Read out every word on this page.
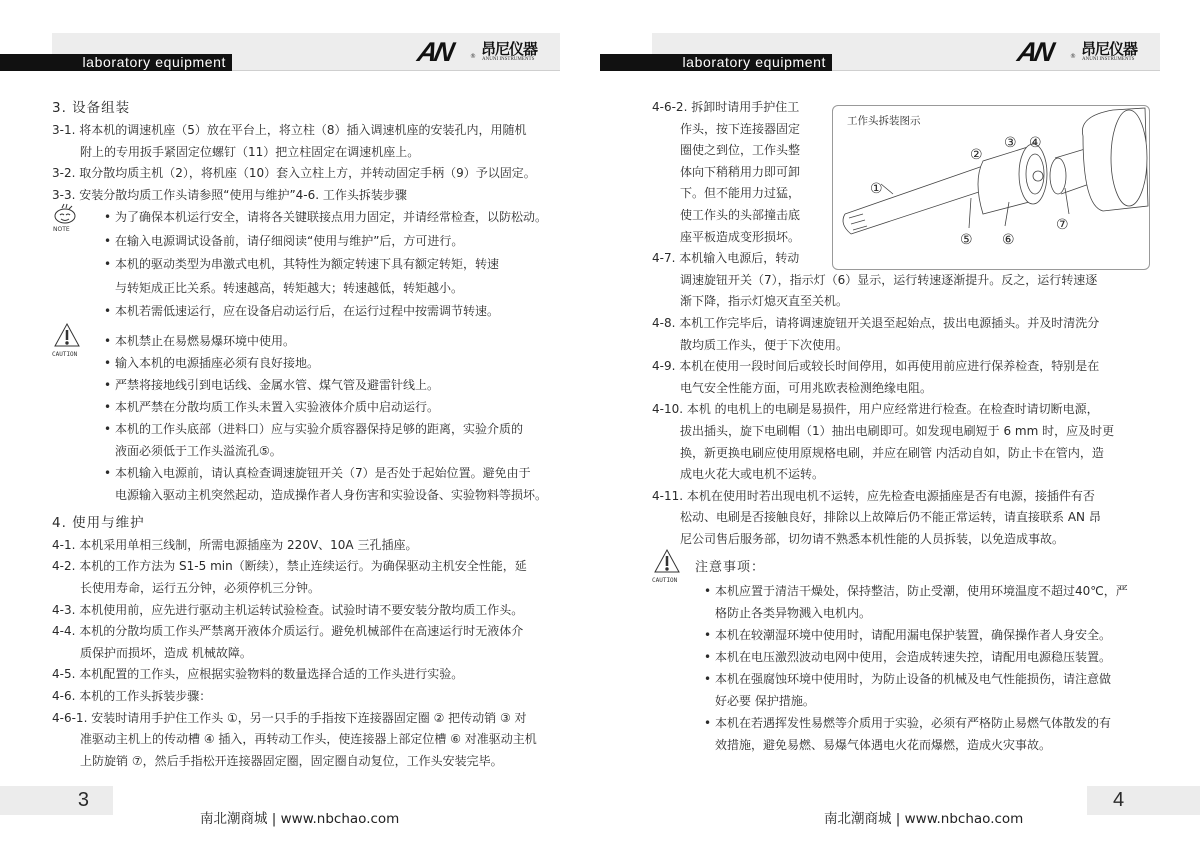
laboratory equipment	AN	® 昂尼仪器
ANUNI INSTRUMENTS
3. 设备组装
3-1. 将本机的调速机座（5）放在平台上，将立柱（8）插入调速机座的安装孔内，用随机
附上的专用扳手紧固定位螺钉（11）把立柱固定在调速机座上。
3-2. 取分散均质主机（2），将机座（10）套入立柱上方，并转动固定手柄（9）予以固定。
3-3. 安装分散均质工作头请参照“使用与维护”4-6. 工作头拆装步骤
NOTE
• 为了确保本机运行安全，请将各关键联接点用力固定，并请经常检查，以防松动。
• 在输入电源调试设备前，请仔细阅读“使用与维护”后，方可进行。
• 本机的驱动类型为串激式电机，其特性为额定转速下具有额定转矩，转速
与转矩成正比关系。转速越高，转矩越大；转速越低，转矩越小。
• 本机若需低速运行，应在设备启动运行后，在运行过程中按需调节转速。
CAUTION
• 本机禁止在易燃易爆环境中使用。
• 输入本机的电源插座必须有良好接地。
• 严禁将接地线引到电话线、金属水管、煤气管及避雷针线上。
• 本机严禁在分散均质工作头未置入实验液体介质中启动运行。
• 本机的工作头底部（进料口）应与实验介质容器保持足够的距离，实验介质的
液面必须低于工作头溢流孔⑤。
• 本机输入电源前，请认真检查调速旋钮开关（7）是否处于起始位置。避免由于
电源输入驱动主机突然起动，造成操作者人身伤害和实验设备、实验物料等损坏。
4. 使用与维护
4-1. 本机采用单相三线制，所需电源插座为 220V、10A 三孔插座。
4-2. 本机的工作方法为 S1-5 min（断续），禁止连续运行。为确保驱动主机安全性能，延
长使用寿命，运行五分钟，必须停机三分钟。
4-3. 本机使用前，应先进行驱动主机运转试验检查。试验时请不要安装分散均质工作头。
4-4. 本机的分散均质工作头严禁离开液体介质运行。避免机械部件在高速运行时无液体介
质保护而损坏，造成 机械故障。
4-5. 本机配置的工作头，应根据实验物料的数量选择合适的工作头进行实验。
4-6. 本机的工作头拆装步骤：
4-6-1. 安装时请用手护住工作头 ①，另一只手的手指按下连接器固定圈 ② 把传动销 ③ 对
准驱动主机上的传动槽 ④ 插入，再转动工作头，使连接器上部定位槽 ⑥ 对准驱动主机
上防旋销 ⑦，然后手指松开连接器固定圈，固定圈自动复位，工作头安装完毕。
3
南北潮商城 | www.nbchao.com
laboratory equipment	AN	® 昂尼仪器
ANUNI INSTRUMENTS
4-6-2. 拆卸时请用手护住工
作头，按下连接器固定
圈使之到位，工作头整
体向下稍稍用力即可卸
下。但不能用力过猛，
使工作头的头部撞击底
座平板造成变形损坏。
4-7. 本机输入电源后，转动
调速旋钮开关（7），指示灯（6）显示，运行转速逐渐提升。反之，运行转速逐
渐下降，指示灯熄灭直至关机。
4-8. 本机工作完毕后，请将调速旋钮开关退至起始点，拔出电源插头。并及时清洗分
散均质工作头，便于下次使用。
4-9. 本机在使用一段时间后或较长时间停用，如再使用前应进行保养检查，特别是在
电气安全性能方面，可用兆欧表检测绝缘电阻。
4-10. 本机 的电机上的电刷是易损件，用户应经常进行检查。在检查时请切断电源，
拔出插头，旋下电刷帽（1）抽出电刷即可。如发现电刷短于 6 mm 时，应及时更
换，新更换电刷应使用原规格电刷，并应在刷管 内活动自如，防止卡在管内，造
成电火花大或电机不运转。
4-11. 本机在使用时若出现电机不运转，应先检查电源插座是否有电源，接插件有否
松动、电刷是否接触良好，排除以上故障后仍不能正常运转，请直接联系 AN 昂
尼公司售后服务部，切勿请不熟悉本机性能的人员拆装，以免造成事故。
CAUTION
注意事项：
• 本机应置于清洁干燥处，保持整洁，防止受潮，使用环境温度不超过40℃，严
格防止各类异物溅入电机内。
• 本机在较潮湿环境中使用时，请配用漏电保护装置，确保操作者人身安全。
• 本机在电压激烈波动电网中使用，会造成转速失控，请配用电源稳压装置。
• 本机在强腐蚀环境中使用时，为防止设备的机械及电气性能损伤，请注意做
好必要 保护措施。
• 本机在若遇挥发性易燃等介质用于实验，必须有严格防止易燃气体散发的有
效措施，避免易燃、易爆气体遇电火花而爆燃，造成火灾事故。
工作头拆装图示
①
②
③ ④
⑤ ⑥
⑦
4
南北潮商城 | www.nbchao.com
